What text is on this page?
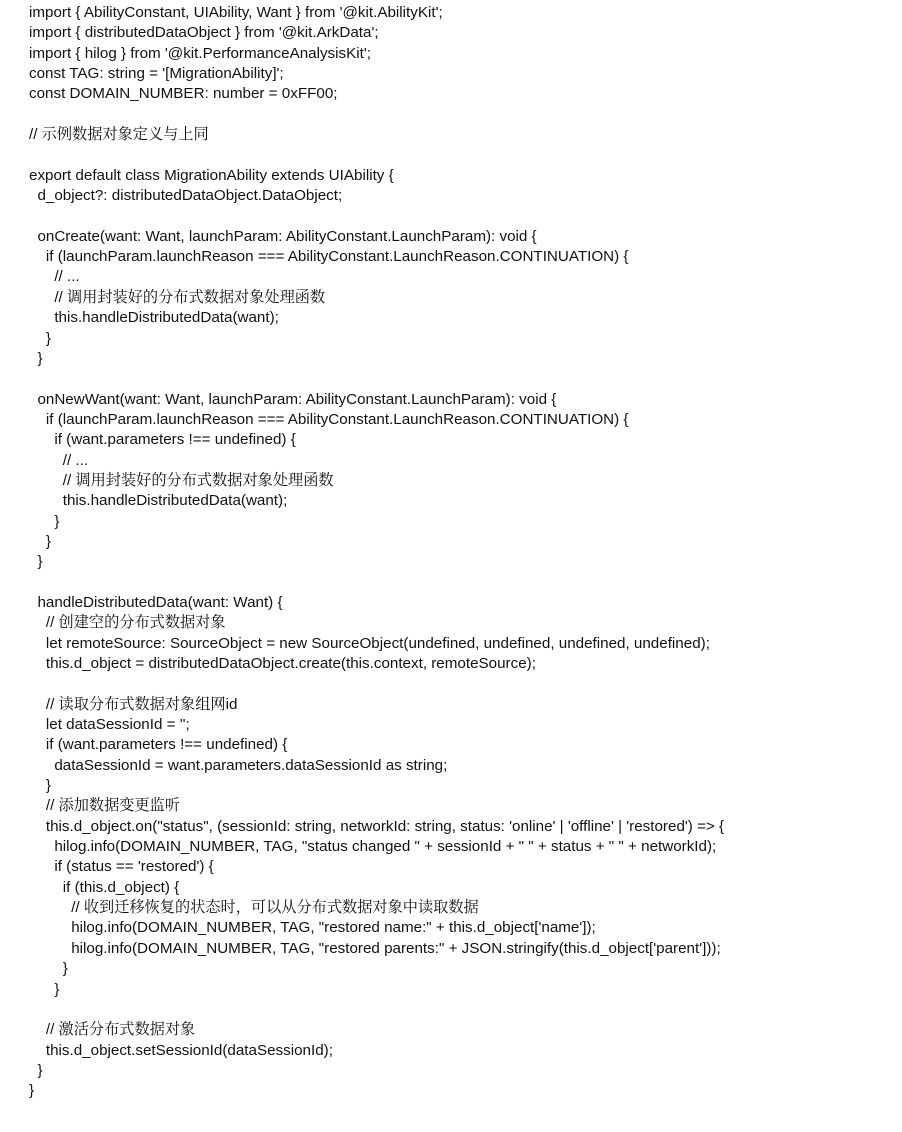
import { AbilityConstant, UIAbility, Want } from '@kit.AbilityKit';
import { distributedDataObject } from '@kit.ArkData';
import { hilog } from '@kit.PerformanceAnalysisKit';
const TAG: string = '[MigrationAbility]';
const DOMAIN_NUMBER: number = 0xFF00;
// 示例数据对象定义与上同
export default class MigrationAbility extends UIAbility {
d_object?: distributedDataObject.DataObject;
onCreate(want: Want, launchParam: AbilityConstant.LaunchParam): void {
if (launchParam.launchReason === AbilityConstant.LaunchReason.CONTINUATION) {
// ...
// 调用封装好的分布式数据对象处理函数
this.handleDistributedData(want);
}
}
onNewWant(want: Want, launchParam: AbilityConstant.LaunchParam): void {
if (launchParam.launchReason === AbilityConstant.LaunchReason.CONTINUATION) {
if (want.parameters !== undefined) {
// ...
// 调用封装好的分布式数据对象处理函数
this.handleDistributedData(want);
}
}
}
handleDistributedData(want: Want) {
// 创建空的分布式数据对象
let remoteSource: SourceObject = new SourceObject(undefined, undefined, undefined, undefined);
this.d_object = distributedDataObject.create(this.context, remoteSource);
// 读取分布式数据对象组网id
let dataSessionId = '';
if (want.parameters !== undefined) {
dataSessionId = want.parameters.dataSessionId as string;
}
// 添加数据变更监听
this.d_object.on("status", (sessionId: string, networkId: string, status: 'online' | 'offline' | 'restored') => {
hilog.info(DOMAIN_NUMBER, TAG, "status changed " + sessionId + " " + status + " " + networkId);
if (status == 'restored') {
if (this.d_object) {
// 收到迁移恢复的状态时，可以从分布式数据对象中读取数据
hilog.info(DOMAIN_NUMBER, TAG, "restored name:" + this.d_object['name']);
hilog.info(DOMAIN_NUMBER, TAG, "restored parents:" + JSON.stringify(this.d_object['parent']));
}
}
// 激活分布式数据对象
this.d_object.setSessionId(dataSessionId);
}
}
